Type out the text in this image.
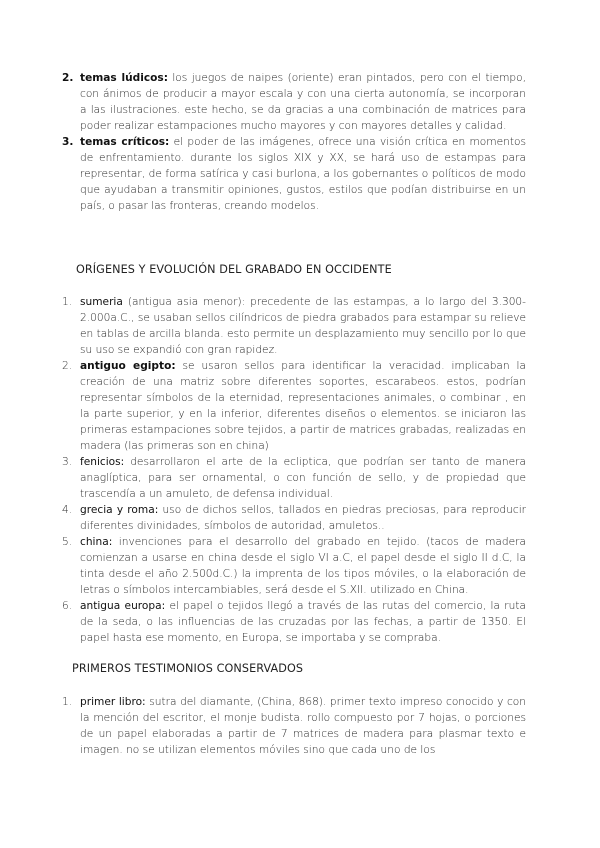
2. temas lúdicos: los juegos de naipes (oriente) eran pintados, pero con el tiempo, con ánimos de producir a mayor escala y con una cierta autonomía, se incorporan a las ilustraciones. este hecho, se da gracias a una combinación de matrices para poder realizar estampaciones mucho mayores y con mayores detalles y calidad.
3. temas críticos: el poder de las imágenes, ofrece una visión crítica en momentos de enfrentamiento. durante los siglos XIX y XX, se hará uso de estampas para representar, de forma satírica y casi burlona, a los gobernantes o políticos de modo que ayudaban a transmitir opiniones, gustos, estilos que podían distribuirse en un país, o pasar las fronteras, creando modelos.
ORÍGENES Y EVOLUCIÓN DEL GRABADO EN OCCIDENTE
1. sumeria (antigua asia menor): precedente de las estampas, a lo largo del 3.300-2.000a.C., se usaban sellos cilíndricos de piedra grabados para estampar su relieve en tablas de arcilla blanda. esto permite un desplazamiento muy sencillo por lo que su uso se expandió con gran rapidez.
2. antiguo egipto: se usaron sellos para identificar la veracidad. implicaban la creación de una matriz sobre diferentes soportes, escarabeos. estos, podrían representar símbolos de la eternidad, representaciones animales, o combinar , en la parte superior, y en la inferior, diferentes diseños o elementos. se iniciaron las primeras estampaciones sobre tejidos, a partir de matrices grabadas, realizadas en madera (las primeras son en china)
3. fenicios: desarrollaron el arte de la ecliptica, que podrían ser tanto de manera anaglíptica, para ser ornamental, o con función de sello, y de propiedad que trascendía a un amuleto, de defensa individual.
4. grecia y roma: uso de dichos sellos, tallados en piedras preciosas, para reproducir diferentes divinidades, símbolos de autoridad, amuletos..
5. china: invenciones para el desarrollo del grabado en tejido. (tacos de madera comienzan a usarse en china desde el siglo VI a.C, el papel desde el siglo II d.C, la tinta desde el año 2.500d.C.) la imprenta de los tipos móviles, o la elaboración de letras o símbolos intercambiables, será desde el S.XII. utilizado en China.
6. antigua europa: el papel o tejidos llegó a través de las rutas del comercio, la ruta de la seda, o las influencias de las cruzadas por las fechas, a partir de 1350. El papel hasta ese momento, en Europa, se importaba y se compraba.
PRIMEROS TESTIMONIOS CONSERVADOS
1. primer libro: sutra del diamante, (China, 868). primer texto impreso conocido y con la mención del escritor, el monje budista. rollo compuesto por 7 hojas, o porciones de un papel elaboradas a partir de 7 matrices de madera para plasmar texto e imagen. no se utilizan elementos móviles sino que cada uno de los
